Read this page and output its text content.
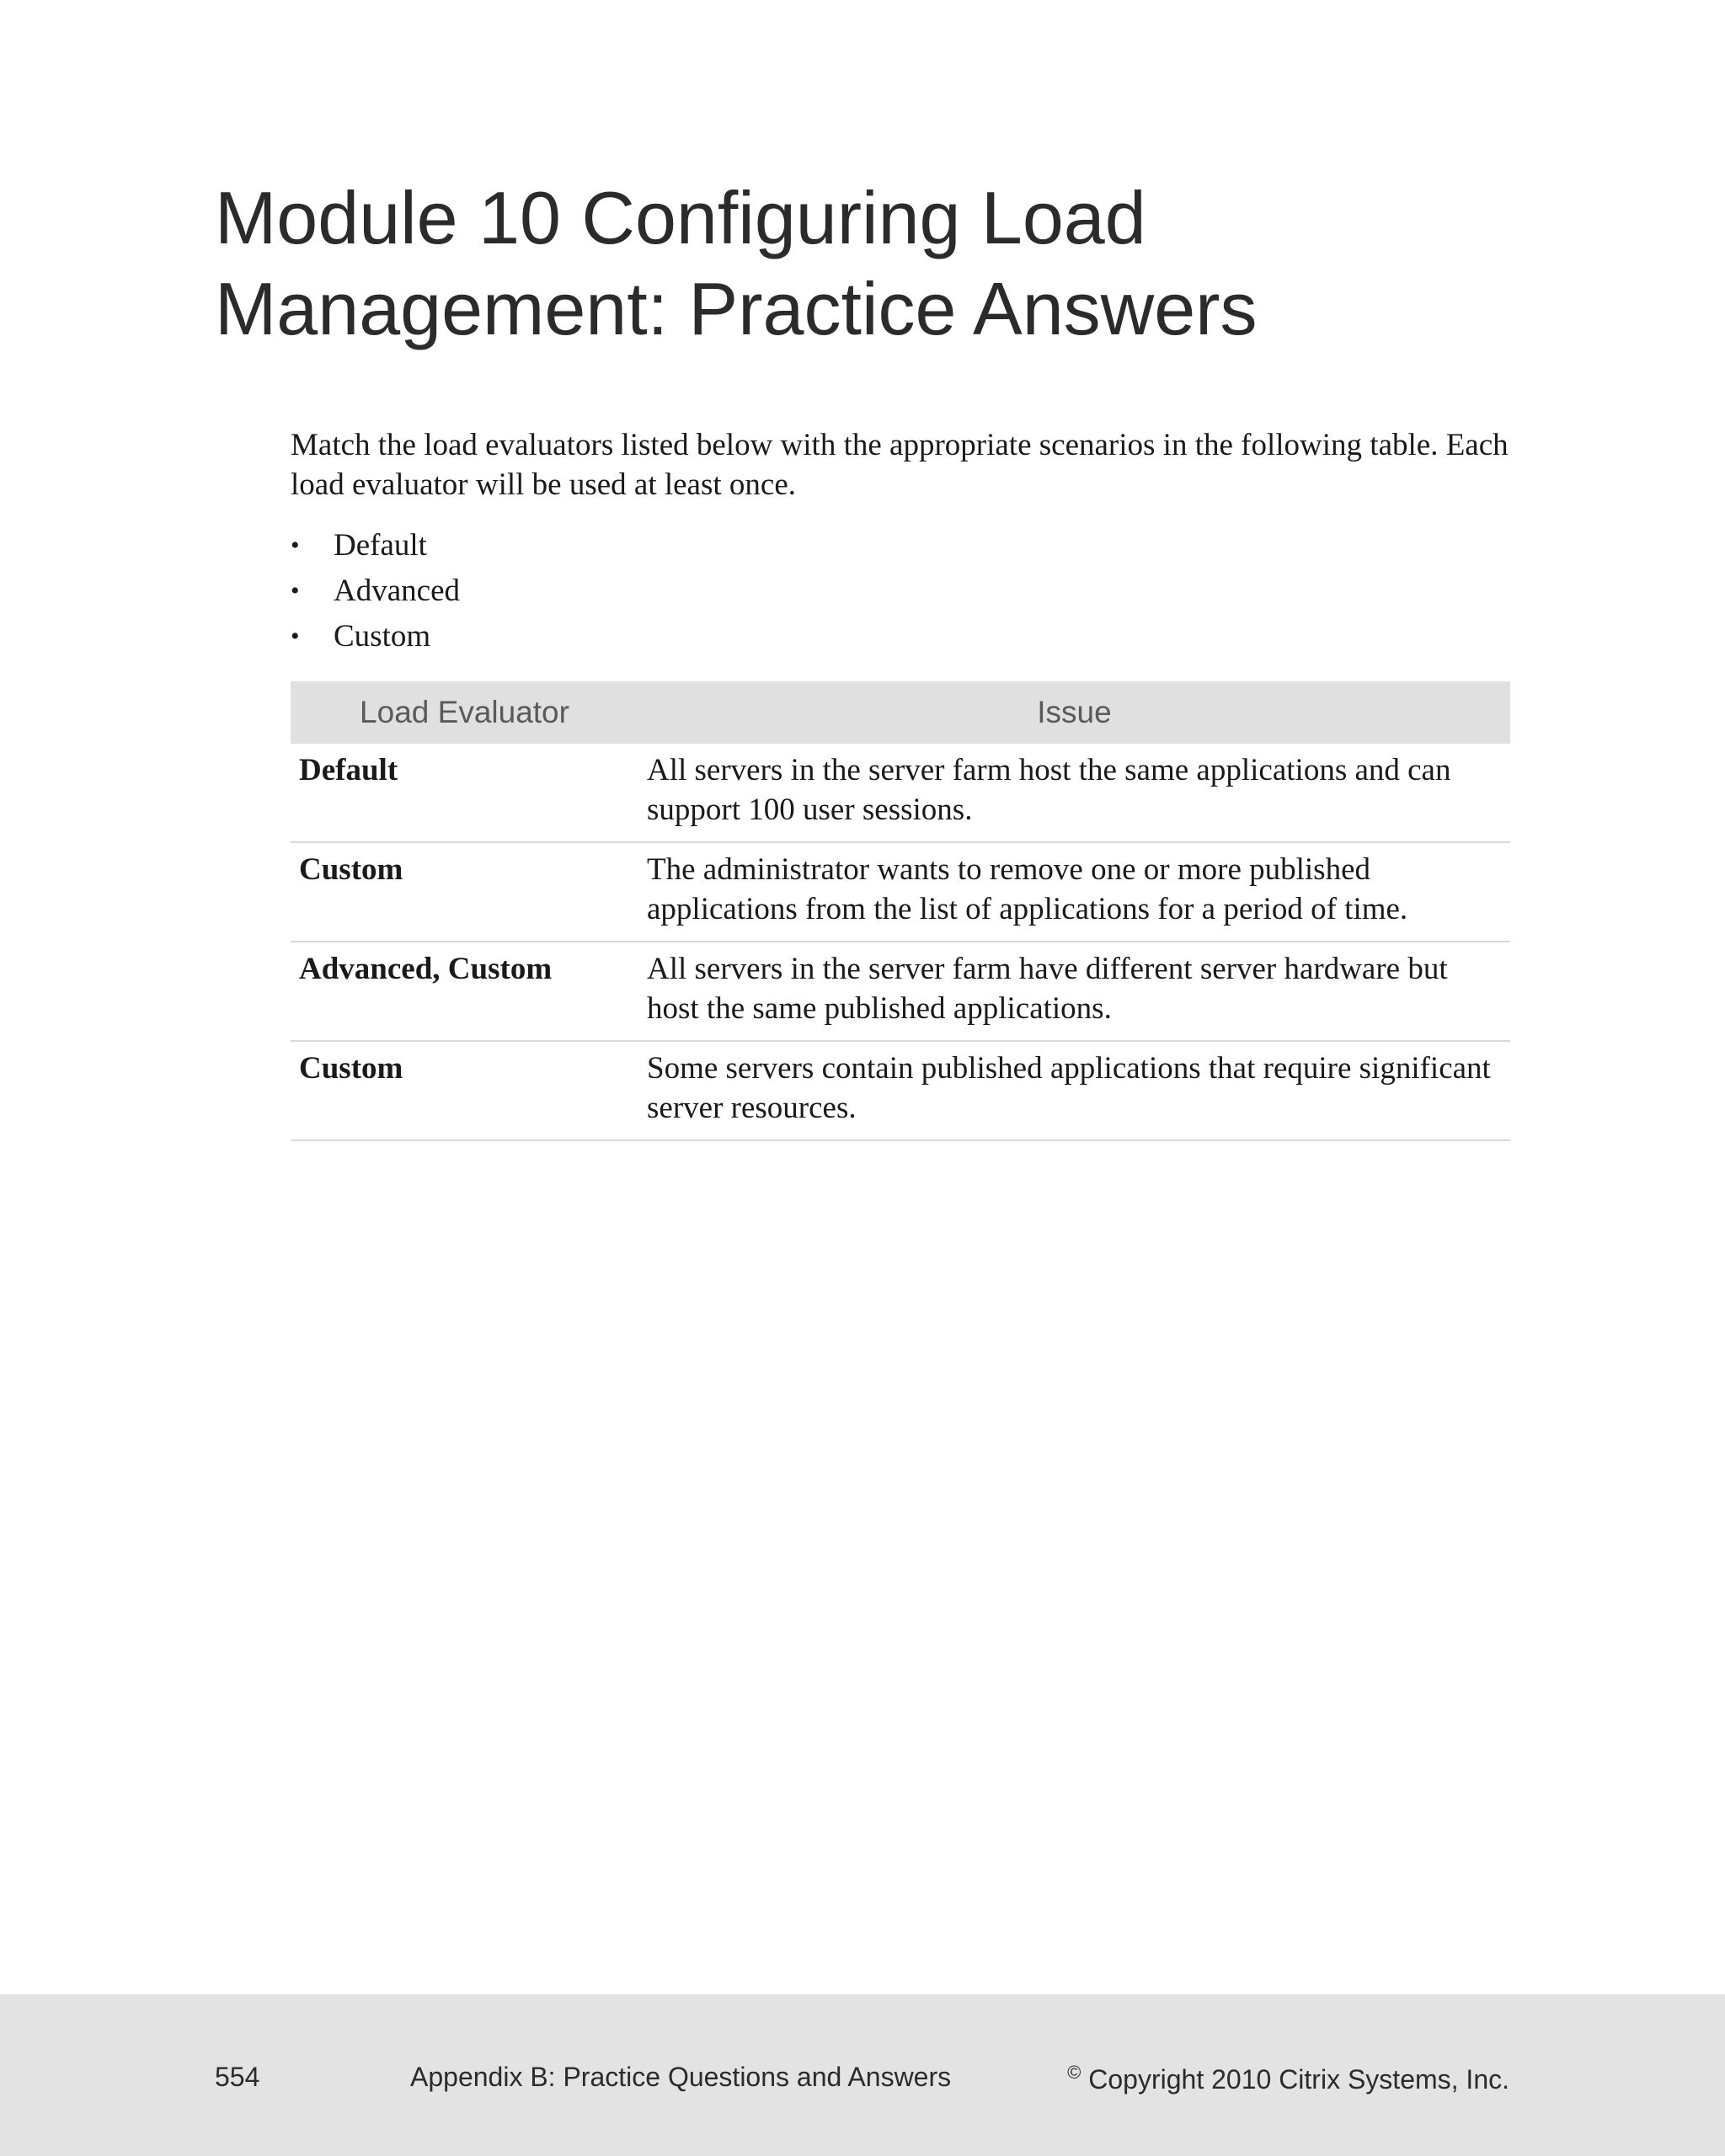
Module 10 Configuring Load
Management: Practice Answers

Match the load evaluators listed below with the appropriate scenarios in the following table. Each load evaluator will be used at least once.

• Default
• Advanced
• Custom
Load Evaluator	Issue
Default	All servers in the server farm host the same applications and can support 100 user sessions.
Custom	The administrator wants to remove one or more published applications from the list of applications for a period of time.
Advanced, Custom	All servers in the server farm have different server hardware but host the same published applications.
Custom	Some servers contain published applications that require significant server resources.
554	Appendix B: Practice Questions and Answers	© Copyright 2010 Citrix Systems, Inc.
